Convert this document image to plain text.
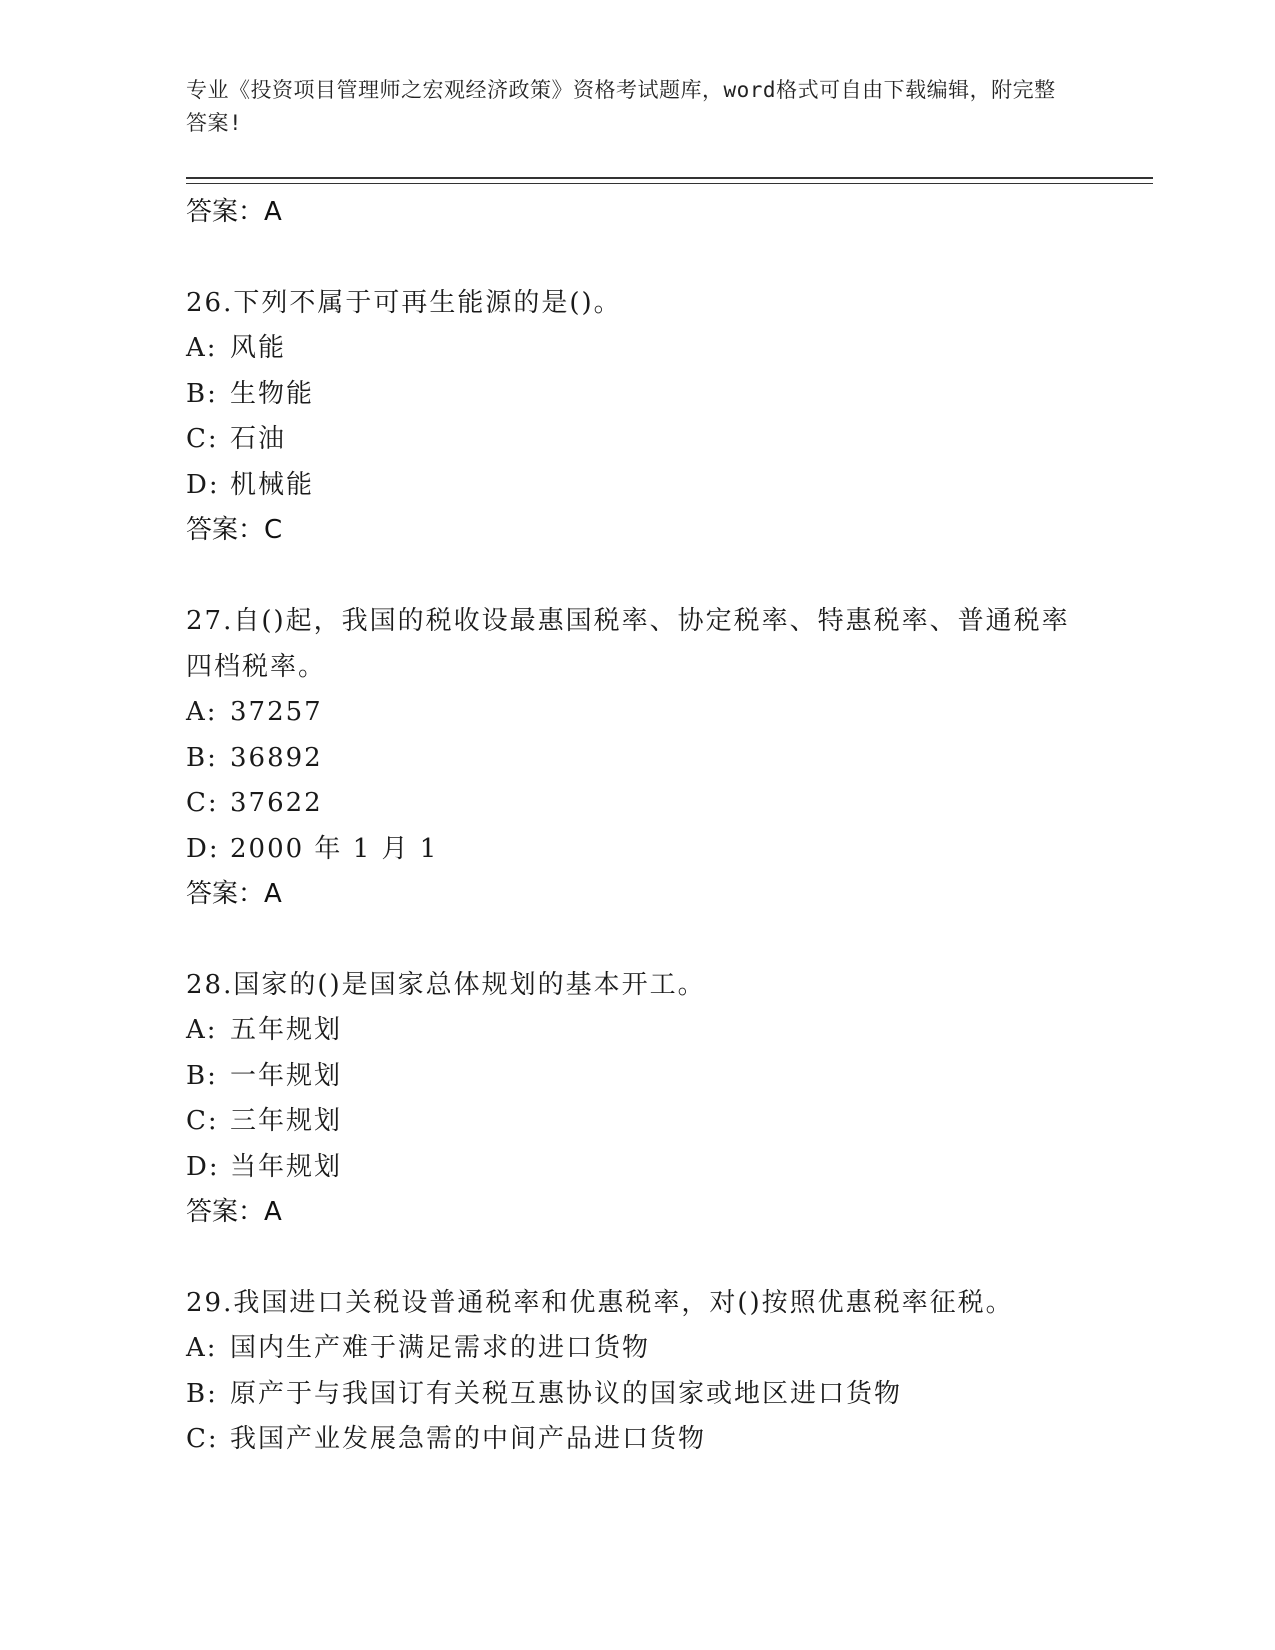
专业《投资项目管理师之宏观经济政策》资格考试题库，word格式可自由下载编辑，附完整答案!
答案：A
26.下列不属于可再生能源的是()。
A: 风能
B: 生物能
C: 石油
D: 机械能
答案：C
27.自()起，我国的税收设最惠国税率、协定税率、特惠税率、普通税率四档税率。
A: 37257
B: 36892
C: 37622
D: 2000 年 1 月 1
答案：A
28.国家的()是国家总体规划的基本开工。
A: 五年规划
B: 一年规划
C: 三年规划
D: 当年规划
答案：A
29.我国进口关税设普通税率和优惠税率，对()按照优惠税率征税。
A: 国内生产难于满足需求的进口货物
B: 原产于与我国订有关税互惠协议的国家或地区进口货物
C: 我国产业发展急需的中间产品进口货物
